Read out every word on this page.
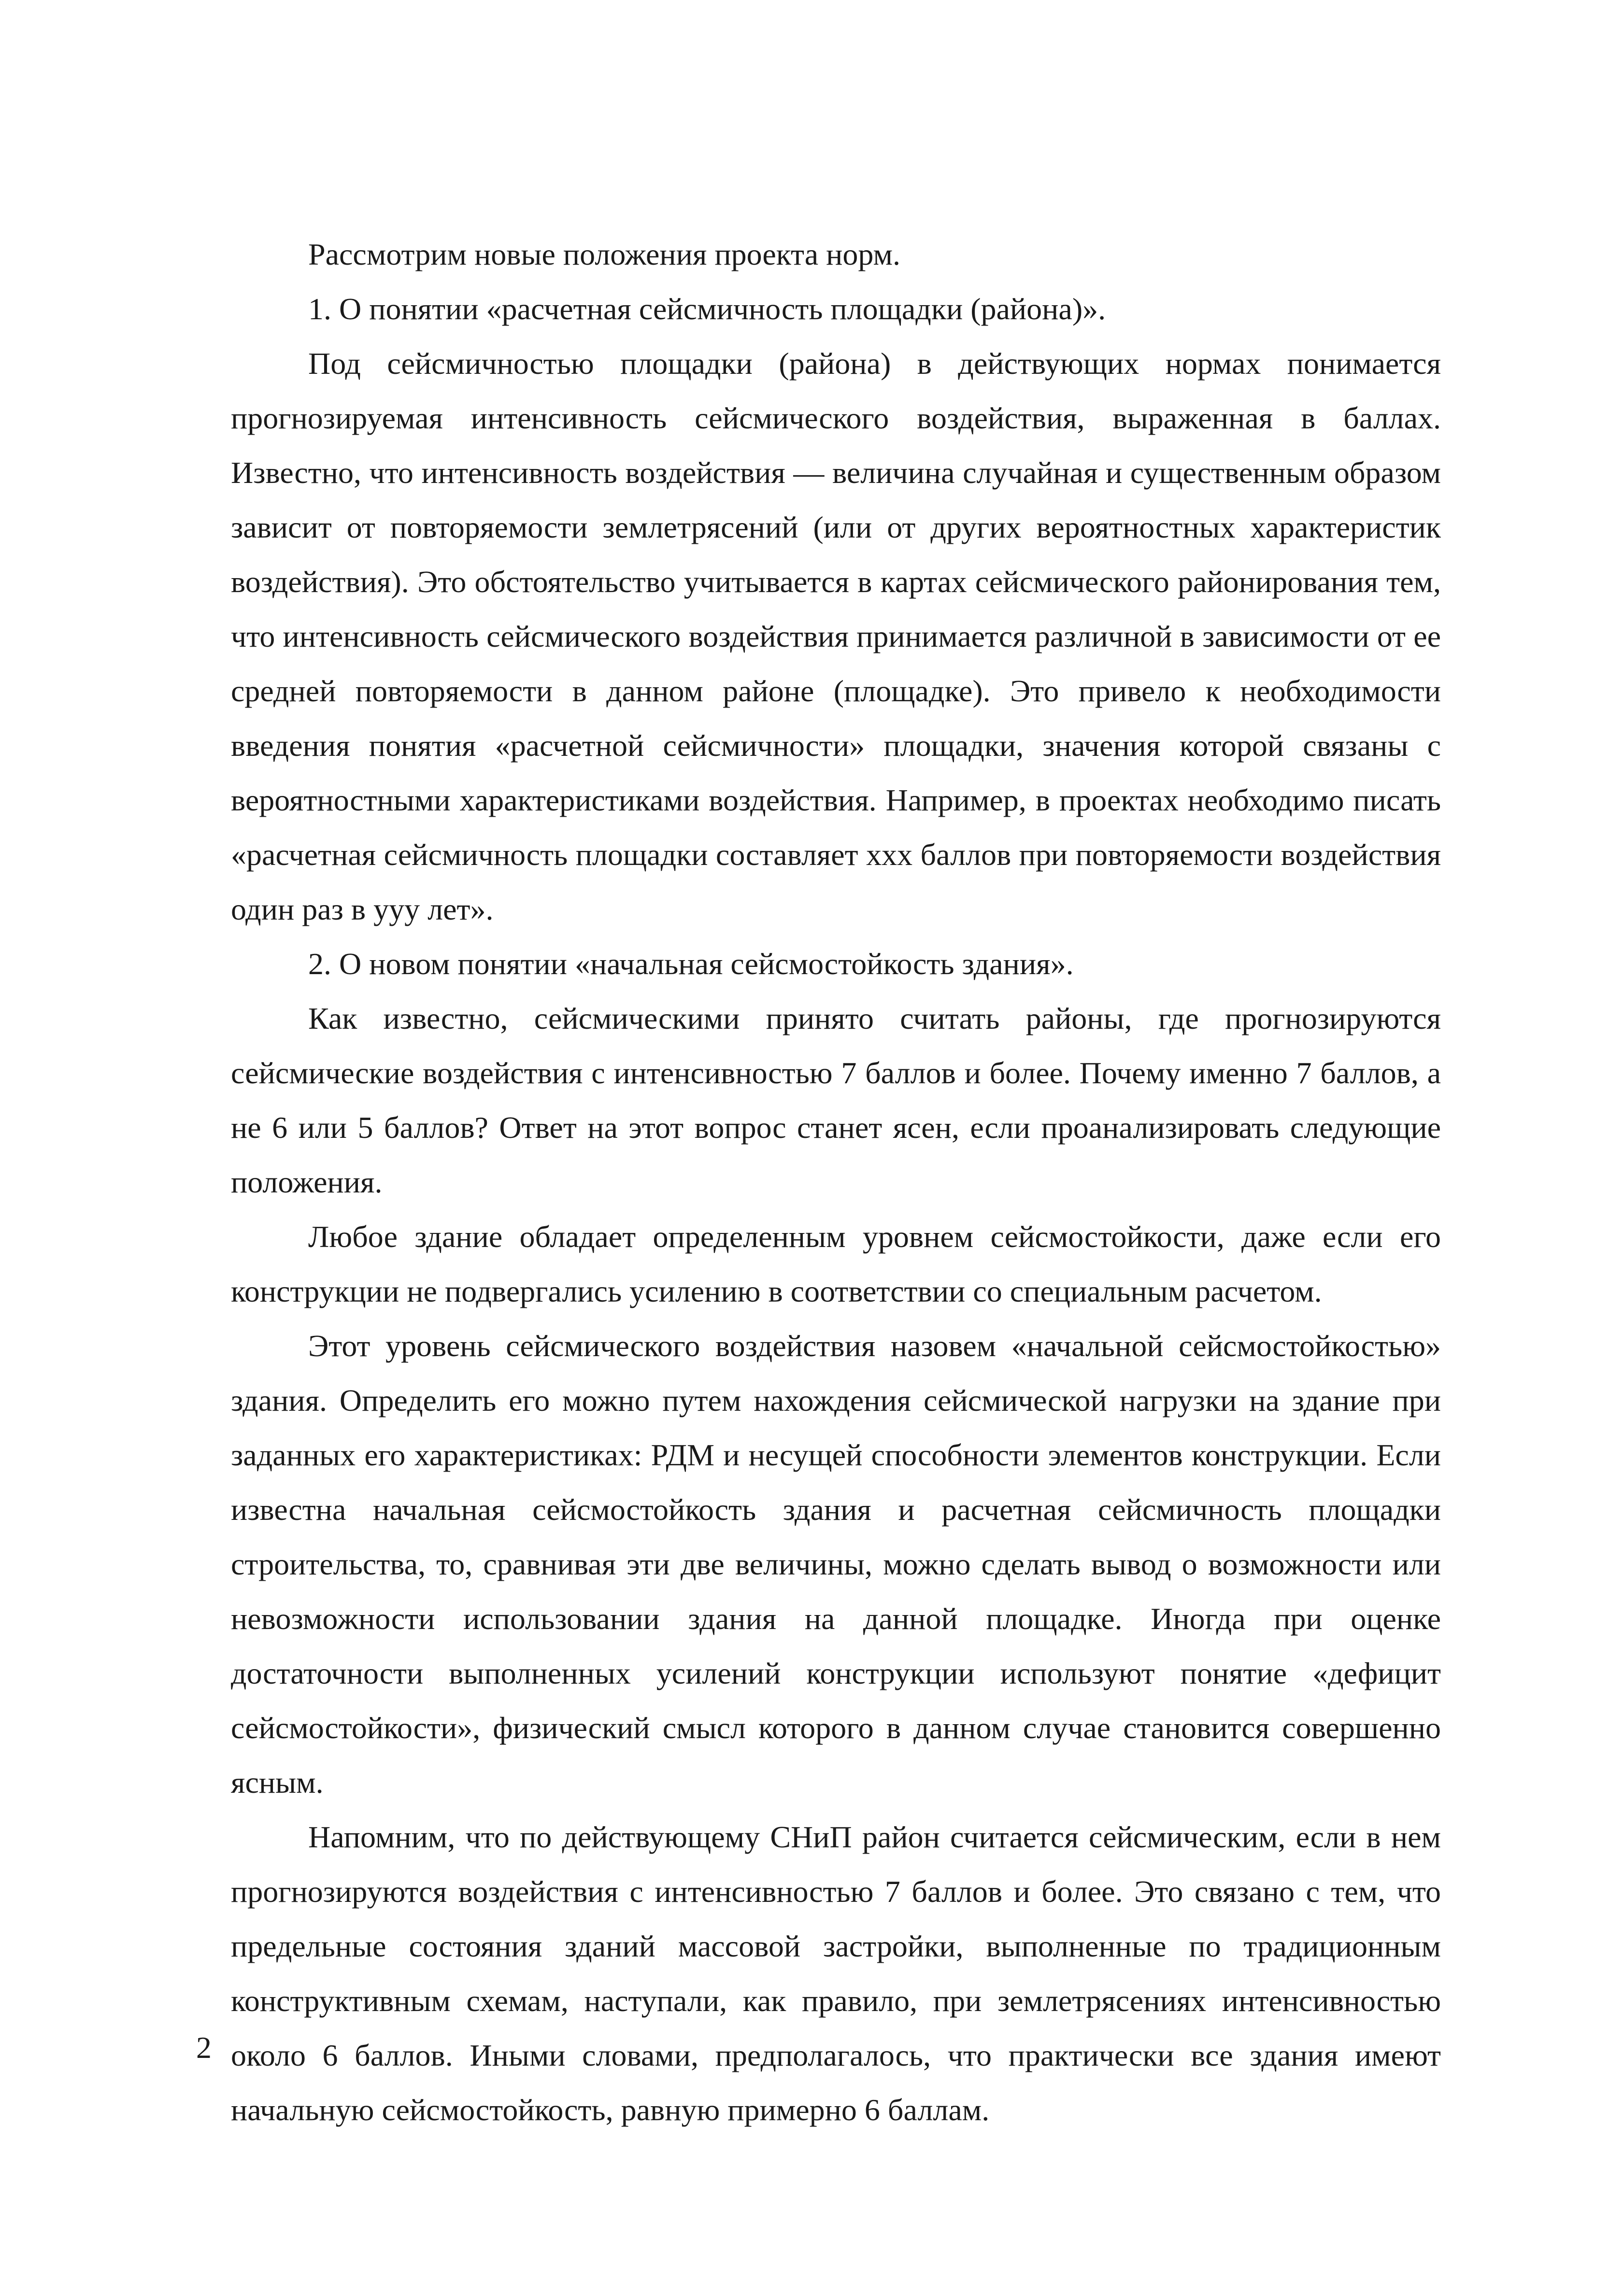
Рассмотрим новые положения проекта норм.

1. О понятии «расчетная сейсмичность площадки (района)».

Под сейсмичностью площадки (района) в действующих нормах понимается прогнозируемая интенсивность сейсмического воздействия, выраженная в баллах. Известно, что интенсивность воздействия — величина случайная и существенным образом зависит от повторяемости землетрясений (или от других вероятностных характеристик воздействия). Это обстоятельство учитывается в картах сейсмического районирования тем, что интенсивность сейсмического воздействия принимается различной в зависимости от ее средней повторяемости в данном районе (площадке). Это привело к необходимости введения понятия «расчетной сейсмичности» площадки, значения которой связаны с вероятностными характеристиками воздействия. Например, в проектах необходимо писать «расчетная сейсмичность площадки составляет xxx баллов при повторяемости воздействия один раз в yyy лет».

2. О новом понятии «начальная сейсмостойкость здания».

Как известно, сейсмическими принято считать районы, где прогнозируются сейсмические воздействия с интенсивностью 7 баллов и более. Почему именно 7 баллов, а не 6 или 5 баллов? Ответ на этот вопрос станет ясен, если проанализировать следующие положения.

Любое здание обладает определенным уровнем сейсмостойкости, даже если его конструкции не подвергались усилению в соответствии со специальным расчетом.

Этот уровень сейсмического воздействия назовем «начальной сейсмостойкостью» здания. Определить его можно путем нахождения сейсмической нагрузки на здание при заданных его характеристиках: РДМ и несущей способности элементов конструкции. Если известна начальная сейсмостойкость здания и расчетная сейсмичность площадки строительства, то, сравнивая эти две величины, можно сделать вывод о возможности или невозможности использовании здания на данной площадке. Иногда при оценке достаточности выполненных усилений конструкции используют понятие «дефицит сейсмостойкости», физический смысл которого в данном случае становится совершенно ясным.

Напомним, что по действующему СНиП район считается сейсмическим, если в нем прогнозируются воздействия с интенсивностью 7 баллов и более. Это связано с тем, что предельные состояния зданий массовой застройки, выполненные по традиционным конструктивным схемам, наступали, как правило, при землетрясениях интенсивностью около 6 баллов. Иными словами, предполагалось, что практически все здания имеют начальную сейсмостойкость, равную примерно 6 баллам.

2
